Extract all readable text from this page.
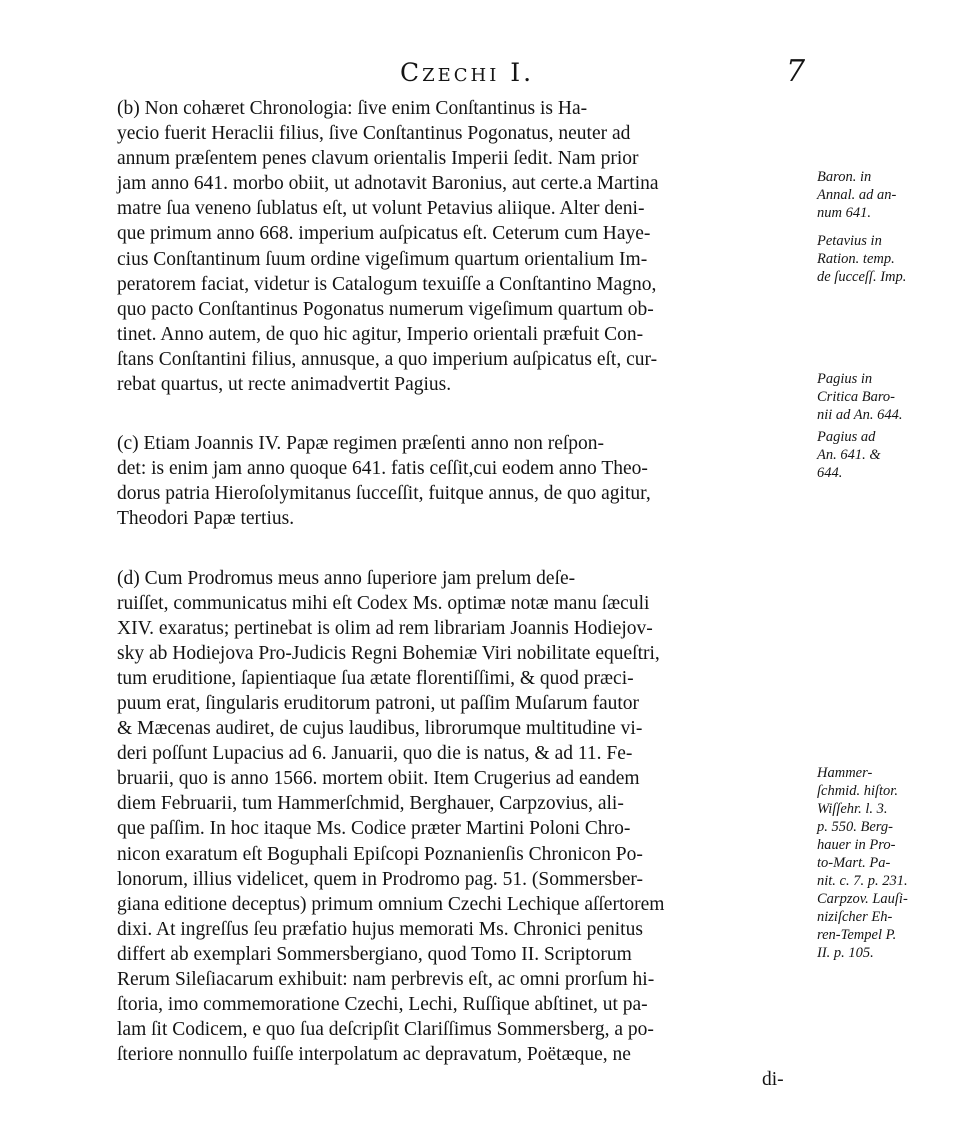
Czechi I.	7
(b) Non cohæret Chronologia: ſive enim Conſtantinus is Ha-
yecio fuerit Heraclii filius, ſive Conſtantinus Pogonatus, neuter ad
annum præſentem penes clavum orientalis Imperii ſedit. Nam prior
jam anno 641. morbo obiit, ut adnotavit Baronius, aut certe.a Martina
matre ſua veneno ſublatus eſt, ut volunt Petavius aliique. Alter deni-
que primum anno 668. imperium auſpicatus eſt. Ceterum cum Haye-
cius Conſtantinum ſuum ordine vigeſimum quartum orientalium Im-
peratorem faciat, videtur is Catalogum texuiſſe a Conſtantino Magno,
quo pacto Conſtantinus Pogonatus numerum vigeſimum quartum ob-
tinet. Anno autem, de quo hic agitur, Imperio orientali præfuit Con-
ſtans Conſtantini filius, annusque, a quo imperium auſpicatus eſt, cur-
rebat quartus, ut recte animadvertit Pagius.
(c) Etiam Joannis IV. Papæ regimen præſenti anno non reſpon-
det: is enim jam anno quoque 641. fatis ceſſit,cui eodem anno Theo-
dorus patria Hieroſolymitanus ſucceſſit, fuitque annus, de quo agitur,
Theodori Papæ tertius.
(d) Cum Prodromus meus anno ſuperiore jam prelum deſe-
ruiſſet, communicatus mihi eſt Codex Ms. optimæ notæ manu ſæculi
XIV. exaratus; pertinebat is olim ad rem librariam Joannis Hodiejov-
sky ab Hodiejova Pro-Judicis Regni Bohemiæ Viri nobilitate equeſtri,
tum eruditione, ſapientiaque ſua ætate florentiſſimi, & quod præci-
puum erat, ſingularis eruditorum patroni, ut paſſim Muſarum fautor
& Mæcenas audiret, de cujus laudibus, librorumque multitudine vi-
deri poſſunt Lupacius ad 6. Januarii, quo die is natus, & ad 11. Fe-
bruarii, quo is anno 1566. mortem obiit. Item Crugerius ad eandem
diem Februarii, tum Hammerſchmid, Berghauer, Carpzovius, ali-
que paſſim. In hoc itaque Ms. Codice præter Martini Poloni Chro-
nicon exaratum eſt Boguphali Epiſcopi Poznanienſis Chronicon Po-
lonorum, illius videlicet, quem in Prodromo pag. 51. (Sommersber-
giana editione deceptus) primum omnium Czechi Lechique aſſertorem
dixi. At ingreſſus ſeu præfatio hujus memorati Ms. Chronici penitus
differt ab exemplari Sommersbergiano, quod Tomo II. Scriptorum
Rerum Sileſiacarum exhibuit: nam perbrevis eſt, ac omni prorſum hi-
ſtoria, imo commemoratione Czechi, Lechi, Ruſſique abſtinet, ut pa-
lam ſit Codicem, e quo ſua deſcripſit Clariſſimus Sommersberg, a po-
ſteriore nonnullo fuiſſe interpolatum ac depravatum, Poëtæque, ne
di-
Baron. in
Annal. ad an-
num 641.
Petavius in
Ration. temp.
de ſucceſſ. Imp.
Pagius in
Critica Baro-
nii ad An. 644.
Pagius ad
An. 641. &
644.
Hammer-
ſchmid. hiſtor.
Wiſſehr. l. 3.
p. 550. Berg-
hauer in Pro-
to-Mart. Pa-
nit. c. 7. p. 231.
Carpzov. Lauſi-
niziſcher Eh-
ren-Tempel P.
II. p. 105.
